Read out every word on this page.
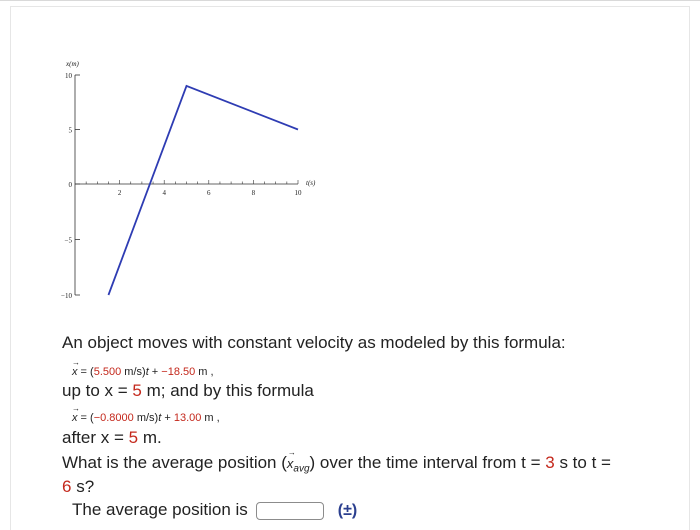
2	4	6	8	10
−10
−5
0
5
10
x(m)
t(s)
An object moves with constant velocity as modeled by this formula:
→
x = (5.500 m/s)t + −18.50 m ,
up to x = 5 m; and by this formula
→
x = (−0.8000 m/s)t + 13.00 m ,
after x = 5 m.
What is the average position (
→
$x_{avg}$) over the time interval from t = 3 s to t =
6 s?
The average position is	(±)
